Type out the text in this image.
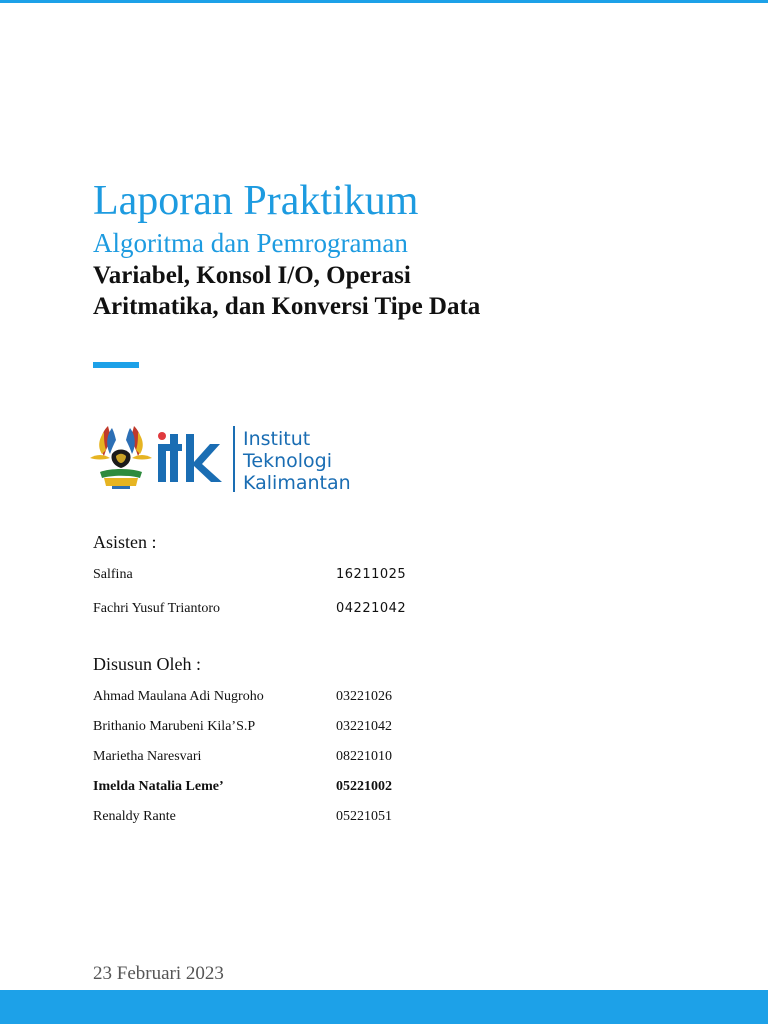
Laporan Praktikum
Algoritma dan Pemrograman
Variabel, Konsol I/O, Operasi Aritmatika, dan Konversi Tipe Data
Institut
Teknologi
Kalimantan
Asisten :
Salfina	16211025
Fachri Yusuf Triantoro	04221042
Disusun Oleh :
Ahmad Maulana Adi Nugroho	03221026
Brithanio Marubeni Kila’S.P	03221042
Marietha Naresvari	08221010
Imelda Natalia Leme’	05221002
Renaldy Rante	05221051
23 Februari 2023
